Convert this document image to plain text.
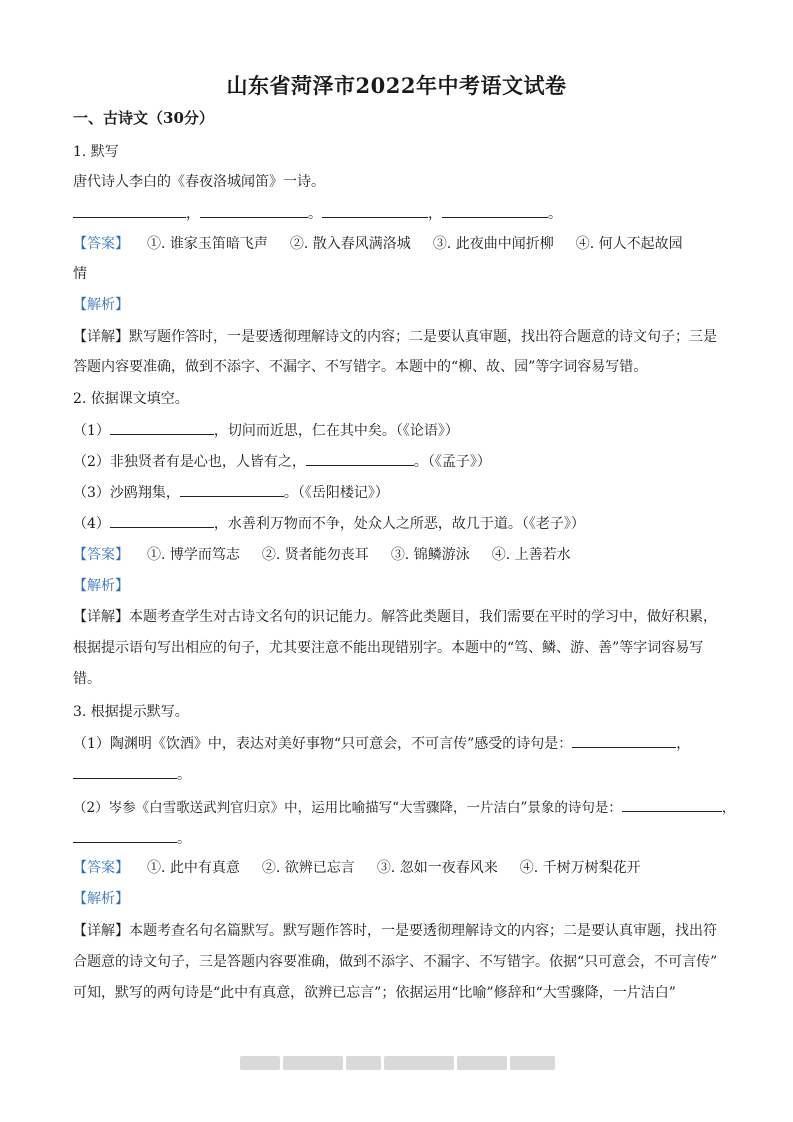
山东省菏泽市2022年中考语文试卷
一、古诗文（30分）
1. 默写
唐代诗人李白的《春夜洛城闻笛》一诗。
，	。	，	。
【答案】 ①. 谁家玉笛暗飞声 ②. 散入春风满洛城 ③. 此夜曲中闻折柳 ④. 何人不起故园
情
【解析】
【详解】默写题作答时，一是要透彻理解诗文的内容；二是要认真审题，找出符合题意的诗文句子；三是
答题内容要准确，做到不添字、不漏字、不写错字。本题中的“柳、故、园”等字词容易写错。
2. 依据课文填空。
（1）	，切问而近思，仁在其中矣。（《论语》）
（2）非独贤者有是心也，人皆有之，	。（《孟子》）
（3）沙鸥翔集，	。（《岳阳楼记》）
（4）	，水善利万物而不争，处众人之所恶，故几于道。（《老子》）
【答案】 ①. 博学而笃志 ②. 贤者能勿丧耳 ③. 锦鳞游泳 ④. 上善若水
【解析】
【详解】本题考查学生对古诗文名句的识记能力。解答此类题目，我们需要在平时的学习中，做好积累，
根据提示语句写出相应的句子，尤其要注意不能出现错别字。本题中的“笃、鳞、游、善”等字词容易写
错。
3. 根据提示默写。
（1）陶渊明《饮酒》中，表达对美好事物“只可意会，不可言传”感受的诗句是：	，
。
（2）岑参《白雪歌送武判官归京》中，运用比喻描写“大雪骤降，一片洁白”景象的诗句是：	，
。
【答案】 ①. 此中有真意 ②. 欲辨已忘言 ③. 忽如一夜春风来 ④. 千树万树梨花开
【解析】
【详解】本题考查名句名篇默写。默写题作答时，一是要透彻理解诗文的内容；二是要认真审题，找出符
合题意的诗文句子，三是答题内容要准确，做到不添字、不漏字、不写错字。依据“只可意会，不可言传”
可知，默写的两句诗是“此中有真意，欲辨已忘言”；依据运用“比喻”修辞和“大雪骤降，一片洁白”
